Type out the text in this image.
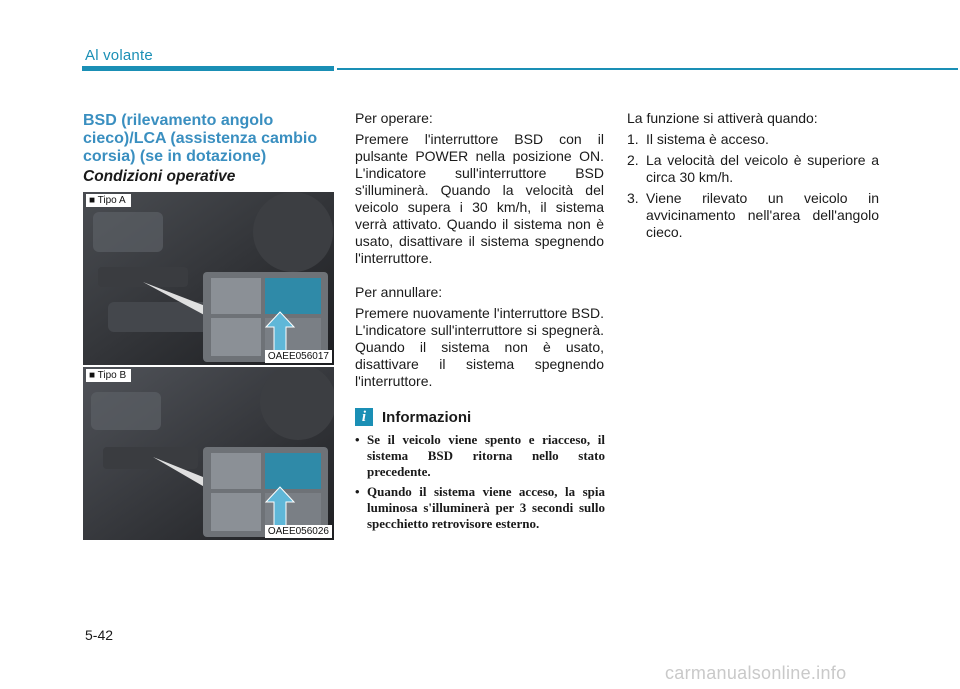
Al volante
BSD (rilevamento angolo cieco)/LCA (assistenza cambio corsia) (se in dotazione)
Condizioni operative
■ Tipo A
OAEE056017
■ Tipo B
OAEE056026

Per operare:

Premere l'interruttore BSD con il pulsante POWER nella posizione ON. L'indicatore sull'interruttore BSD s'illuminerà. Quando la velocità del veicolo supera i 30 km/h, il sistema verrà attivato. Quando il sistema non è usato, disattivare il sistema spegnendo l'interruttore.

Per annullare:

Premere nuovamente l'interruttore BSD. L'indicatore sull'interruttore si spegnerà. Quando il sistema non è usato, disattivare il sistema spegnendo l'interruttore.

i	Informazioni
• Se il veicolo viene spento e riacceso, il sistema BSD ritorna nello stato precedente.
• Quando il sistema viene acceso, la spia luminosa s'illuminerà per 3 secondi sullo specchietto retrovisore esterno.

La funzione si attiverà quando:

1. Il sistema è acceso.
2. La velocità del veicolo è superiore a circa 30 km/h.
3. Viene rilevato un veicolo in avvicinamento nell'area dell'angolo cieco.
5-42
carmanualsonline.info
